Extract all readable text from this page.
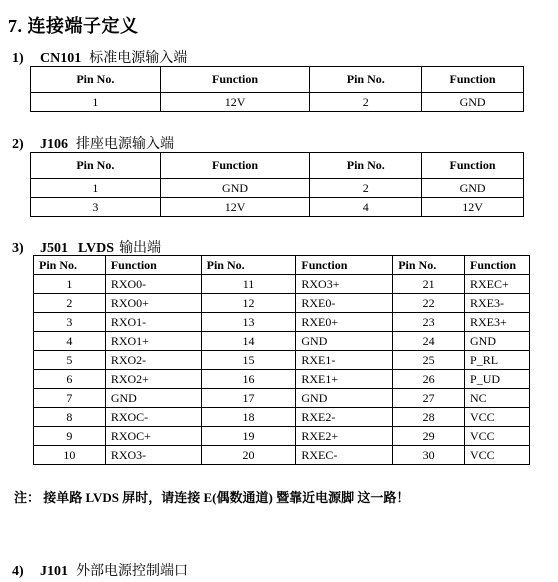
7. 连接端子定义
1) CN101 标准电源输入端
Pin No.	Function	Pin No.	Function
1	12V	2	GND
2) J106 排座电源输入端
Pin No.	Function	Pin No.	Function
1	GND	2	GND
3	12V	4	12V
3) J501 LVDS 输出端
Pin No.	Function	Pin No.	Function	Pin No.	Function
1	RXO0-	11	RXO3+	21	RXEC+
2	RXO0+	12	RXE0-	22	RXE3-
3	RXO1-	13	RXE0+	23	RXE3+
4	RXO1+	14	GND	24	GND
5	RXO2-	15	RXE1-	25	P_RL
6	RXO2+	16	RXE1+	26	P_UD
7	GND	17	GND	27	NC
8	RXOC-	18	RXE2-	28	VCC
9	RXOC+	19	RXE2+	29	VCC
10	RXO3-	20	RXEC-	30	VCC
注： 接单路 LVDS 屏时，请连接 E(偶数通道) 暨靠近电源脚 这一路！
4) J101 外部电源控制端口
